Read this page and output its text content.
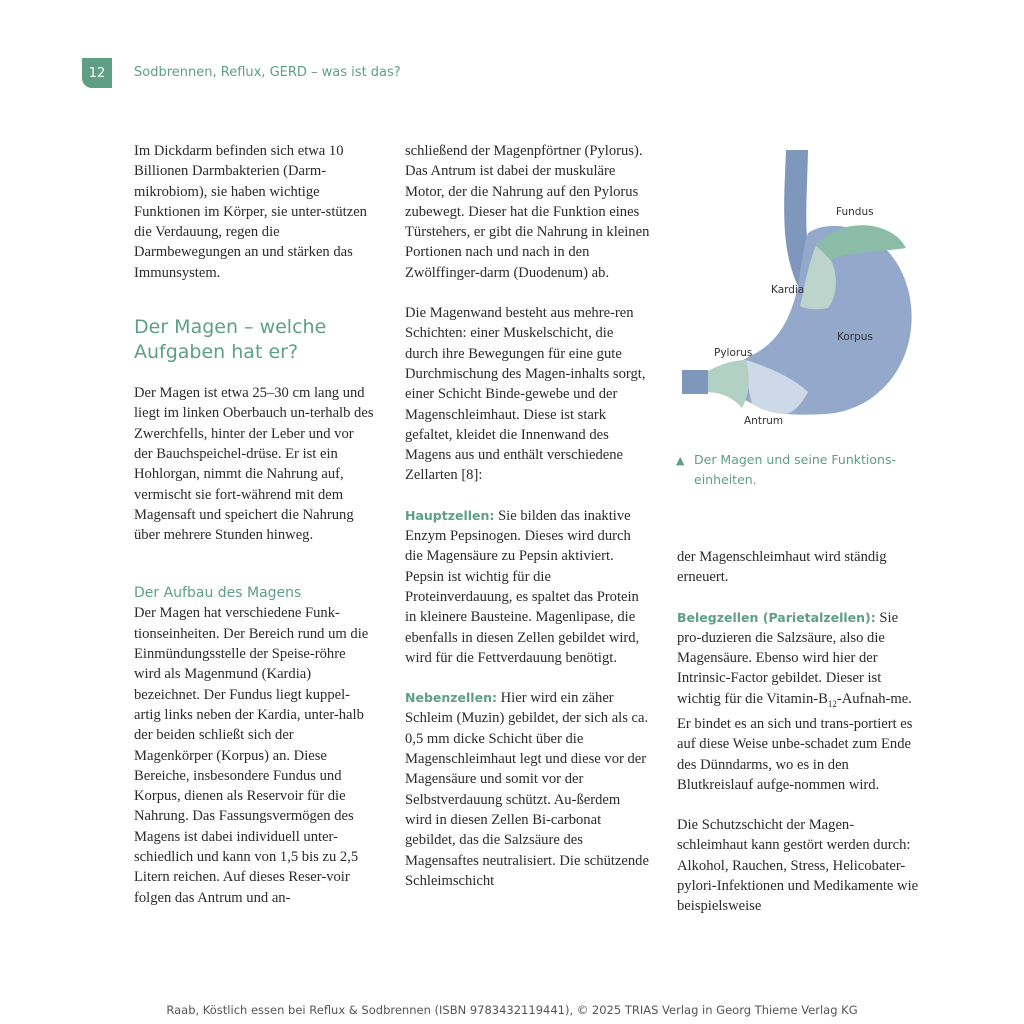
12	Sodbrennen, Reflux, GERD – was ist das?

Im Dickdarm befinden sich etwa 10 Billionen Darmbakterien (Darm-mikrobiom), sie haben wichtige Funktionen im Körper, sie unter-stützen die Verdauung, regen die Darmbewegungen an und stärken das Immunsystem.

Der Magen – welche Aufgaben hat er?

Der Magen ist etwa 25–30 cm lang und liegt im linken Oberbauch un-terhalb des Zwerchfells, hinter der Leber und vor der Bauchspeichel-drüse. Er ist ein Hohlorgan, nimmt die Nahrung auf, vermischt sie fort-während mit dem Magensaft und speichert die Nahrung über mehrere Stunden hinweg.

Der Aufbau des Magens

Der Magen hat verschiedene Funk-tionseinheiten. Der Bereich rund um die Einmündungsstelle der Speise-röhre wird als Magenmund (Kardia) bezeichnet. Der Fundus liegt kuppel-artig links neben der Kardia, unter-halb der beiden schließt sich der Magenkörper (Korpus) an. Diese Bereiche, insbesondere Fundus und Korpus, dienen als Reservoir für die Nahrung. Das Fassungsvermögen des Magens ist dabei individuell unter-schiedlich und kann von 1,5 bis zu 2,5 Litern reichen. Auf dieses Reser-voir folgen das Antrum und an-

schließend der Magenpförtner (Pylorus). Das Antrum ist dabei der muskuläre Motor, der die Nahrung auf den Pylorus zubewegt. Dieser hat die Funktion eines Türstehers, er gibt die Nahrung in kleinen Portionen nach und nach in den Zwölffinger-darm (Duodenum) ab.

Die Magenwand besteht aus mehre-ren Schichten: einer Muskelschicht, die durch ihre Bewegungen für eine gute Durchmischung des Magen-inhalts sorgt, einer Schicht Binde-gewebe und der Magenschleimhaut. Diese ist stark gefaltet, kleidet die Innenwand des Magens aus und enthält verschiedene Zellarten [8]:

Hauptzellen: Sie bilden das inaktive Enzym Pepsinogen. Dieses wird durch die Magensäure zu Pepsin aktiviert. Pepsin ist wichtig für die Proteinverdauung, es spaltet das Protein in kleinere Bausteine. Magenlipase, die ebenfalls in diesen Zellen gebildet wird, wird für die Fettverdauung benötigt.

Nebenzellen: Hier wird ein zäher Schleim (Muzin) gebildet, der sich als ca. 0,5 mm dicke Schicht über die Magenschleimhaut legt und diese vor der Magensäure und somit vor der Selbstverdauung schützt. Au-ßerdem wird in diesen Zellen Bi-carbonat gebildet, das die Salzsäure des Magensaftes neutralisiert. Die schützende Schleimschicht

Fundus
Kardia
Korpus
Pylorus
Antrum
▲ Der Magen und seine Funktions-einheiten.

der Magenschleimhaut wird ständig erneuert.

Belegzellen (Parietalzellen): Sie pro-duzieren die Salzsäure, also die Magensäure. Ebenso wird hier der Intrinsic-Factor gebildet. Dieser ist wichtig für die Vitamin-$B_{12}-Aufnah-me$. Er bindet es an sich und trans-portiert es auf diese Weise unbe-schadet zum Ende des Dünndarms, wo es in den Blutkreislauf aufge-nommen wird.

Die Schutzschicht der Magen-schleimhaut kann gestört werden durch: Alkohol, Rauchen, Stress, Helicobater-pylori-Infektionen und Medikamente wie beispielsweise

Raab, Köstlich essen bei Reflux & Sodbrennen (ISBN 9783432119441), © 2025 TRIAS Verlag in Georg Thieme Verlag KG
